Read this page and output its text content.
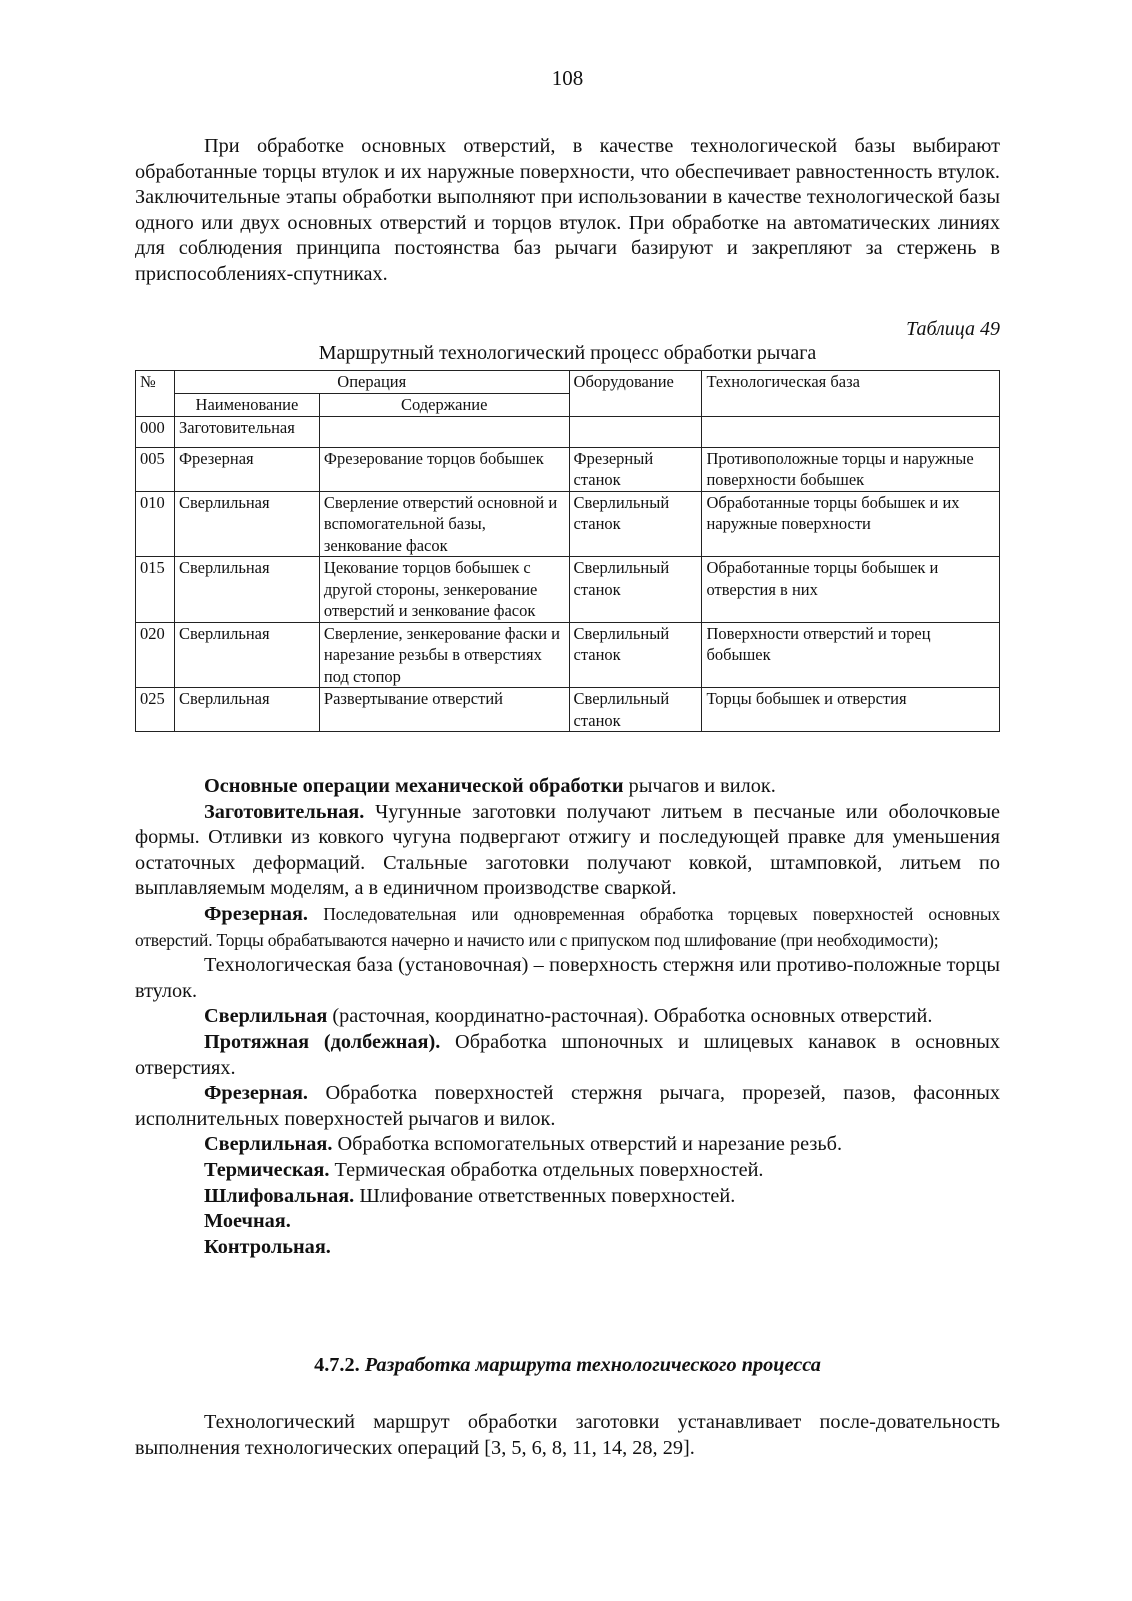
108

При обработке основных отверстий, в качестве технологической базы выбирают обработанные торцы втулок и их наружные поверхности, что обеспечивает равностенность втулок. Заключительные этапы обработки выполняют при использовании в качестве технологической базы одного или двух основных отверстий и торцов втулок. При обработке на автоматических линиях для соблюдения принципа постоянства баз рычаги базируют и закрепляют за стержень в приспособлениях-спутниках.

Таблица 49
Маршрутный технологический процесс обработки рычага
№	Операция		Оборудование	Технологическая база
	Наименование	Содержание		
000	Заготовительная			
005	Фрезерная	Фрезерование торцов бобышек	Фрезерный станок	Противоположные торцы и наружные поверхности бобышек
010	Сверлильная	Сверление отверстий основной и вспомогательной базы, зенкование фасок	Сверлильный станок	Обработанные торцы бобышек и их наружные поверхности
015	Сверлильная	Цекование торцов бобышек с другой стороны, зенкерование отверстий и зенкование фасок	Сверлильный станок	Обработанные торцы бобышек и отверстия в них
020	Сверлильная	Сверление, зенкерование фаски и нарезание резьбы в отверстиях под стопор	Сверлильный станок	Поверхности отверстий и торец бобышек
025	Сверлильная	Развертывание отверстий	Сверлильный станок	Торцы бобышек и отверстия

Основные операции механической обработки рычагов и вилок.

Заготовительная. Чугунные заготовки получают литьем в песчаные или оболочковые формы. Отливки из ковкого чугуна подвергают отжигу и последующей правке для уменьшения остаточных деформаций. Стальные заготовки получают ковкой, штамповкой, литьем по выплавляемым моделям, а в единичном производстве сваркой.

Фрезерная. Последовательная или одновременная обработка торцевых поверхностей основных отверстий. Торцы обрабатываются начерно и начисто или с припуском под шлифование (при необходимости);

Технологическая база (установочная) – поверхность стержня или противо-положные торцы втулок.

Сверлильная (расточная, координатно-расточная). Обработка основных отверстий.

Протяжная (долбежная). Обработка шпоночных и шлицевых канавок в основных отверстиях.

Фрезерная. Обработка поверхностей стержня рычага, прорезей, пазов, фасонных исполнительных поверхностей рычагов и вилок.

Сверлильная. Обработка вспомогательных отверстий и нарезание резьб.

Термическая. Термическая обработка отдельных поверхностей.

Шлифовальная. Шлифование ответственных поверхностей.

Моечная.

Контрольная.

4.7.2. Разработка маршрута технологического процесса

Технологический маршрут обработки заготовки устанавливает после-довательность выполнения технологических операций [3, 5, 6, 8, 11, 14, 28, 29].
